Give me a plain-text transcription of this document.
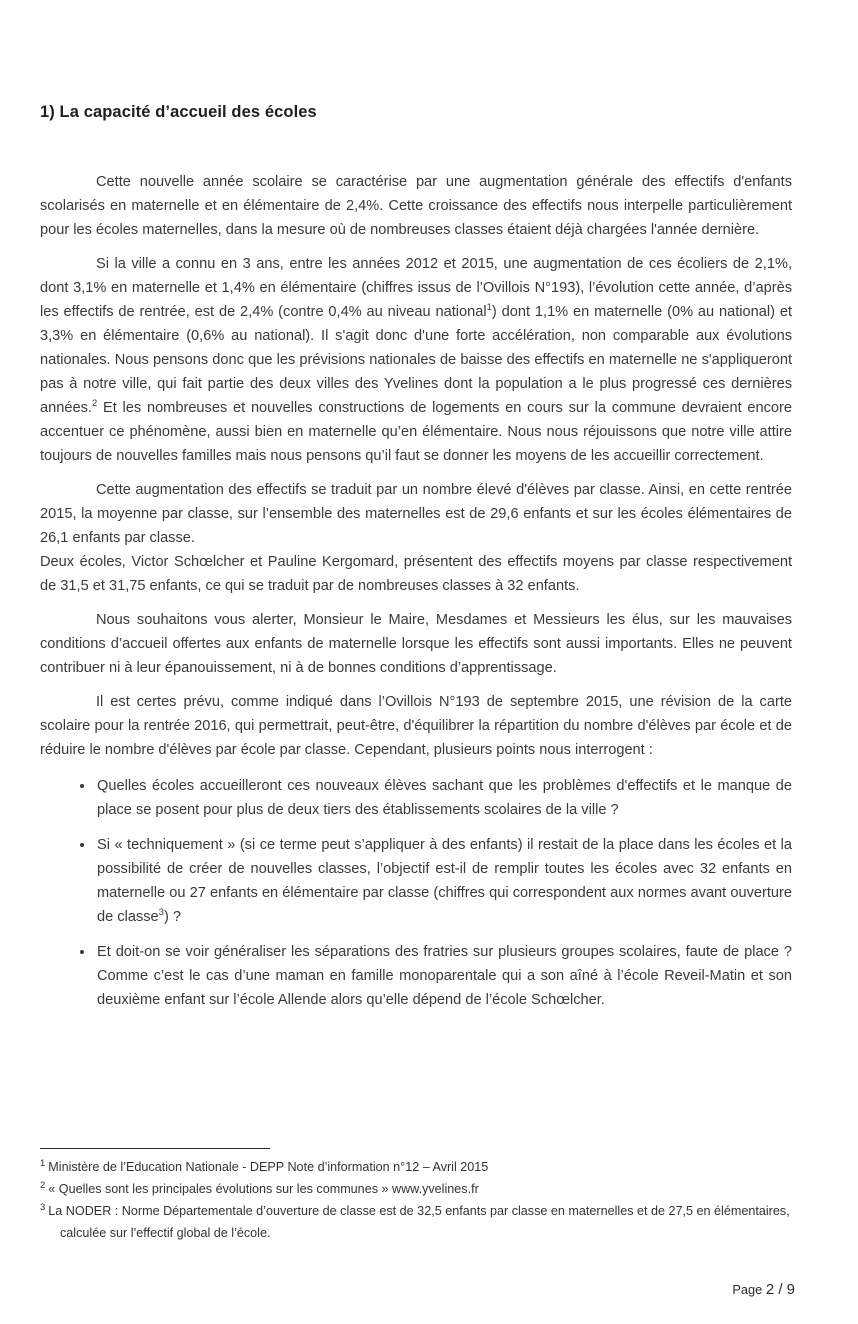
1) La capacité d’accueil des écoles

Cette nouvelle année scolaire se caractérise par une augmentation générale des effectifs d'enfants scolarisés en maternelle et en élémentaire de 2,4%. Cette croissance des effectifs nous interpelle particulièrement pour les écoles maternelles, dans la mesure où de nombreuses classes étaient déjà chargées l'année dernière.

Si la ville a connu en 3 ans, entre les années 2012 et 2015, une augmentation de ces écoliers de 2,1%, dont 3,1% en maternelle et 1,4% en élémentaire (chiffres issus de l’Ovillois N°193), l’évolution cette année, d’après les effectifs de rentrée, est de 2,4% (contre 0,4% au niveau national$^1$) dont 1,1% en maternelle (0% au national) et 3,3% en élémentaire (0,6% au national). Il s'agit donc d'une forte accélération, non comparable aux évolutions nationales. Nous pensons donc que les prévisions nationales de baisse des effectifs en maternelle ne s'appliqueront pas à notre ville, qui fait partie des deux villes des Yvelines dont la population a le plus progressé ces dernières années.$^2$ Et les nombreuses et nouvelles constructions de logements en cours sur la commune devraient encore accentuer ce phénomène, aussi bien en maternelle qu’en élémentaire. Nous nous réjouissons que notre ville attire toujours de nouvelles familles mais nous pensons qu’il faut se donner les moyens de les accueillir correctement.

Cette augmentation des effectifs se traduit par un nombre élevé d'élèves par classe. Ainsi, en cette rentrée 2015, la moyenne par classe, sur l’ensemble des maternelles est de 29,6 enfants et sur les écoles élémentaires de 26,1 enfants par classe.

Deux écoles, Victor Schœlcher et Pauline Kergomard, présentent des effectifs moyens par classe respectivement de 31,5 et 31,75 enfants, ce qui se traduit par de nombreuses classes à 32 enfants.

Nous souhaitons vous alerter, Monsieur le Maire, Mesdames et Messieurs les élus, sur les mauvaises conditions d’accueil offertes aux enfants de maternelle lorsque les effectifs sont aussi importants. Elles ne peuvent contribuer ni à leur épanouissement, ni à de bonnes conditions d’apprentissage.

Il est certes prévu, comme indiqué dans l’Ovillois N°193 de septembre 2015, une révision de la carte scolaire pour la rentrée 2016, qui permettrait, peut-être, d'équilibrer la répartition du nombre d'élèves par école et de réduire le nombre d'élèves par école par classe. Cependant, plusieurs points nous interrogent :

• Quelles écoles accueilleront ces nouveaux élèves sachant que les problèmes d'effectifs et le manque de place se posent pour plus de deux tiers des établissements scolaires de la ville ?
• Si « techniquement » (si ce terme peut s’appliquer à des enfants) il restait de la place dans les écoles et la possibilité de créer de nouvelles classes, l’objectif est-il de remplir toutes les écoles avec 32 enfants en maternelle ou 27 enfants en élémentaire par classe (chiffres qui correspondent aux normes avant ouverture de classe$^3$) ?
• Et doit-on se voir généraliser les séparations des fratries sur plusieurs groupes scolaires, faute de place ? Comme c’est le cas d’une maman en famille monoparentale qui a son aîné à l’école Reveil-Matin et son deuxième enfant sur l’école Allende alors qu’elle dépend de l’école Schœlcher.

$^1$ Ministère de l’Education Nationale - DEPP Note d’information n°12 – Avril 2015

$^2$ « Quelles sont les principales évolutions sur les communes » www.yvelines.fr

$^3$ La NODER : Norme Départementale d’ouverture de classe est de 32,5 enfants par classe en maternelles et de 27,5 en élémentaires, calculée sur l’effectif global de l’école.

Page 2 / 9
